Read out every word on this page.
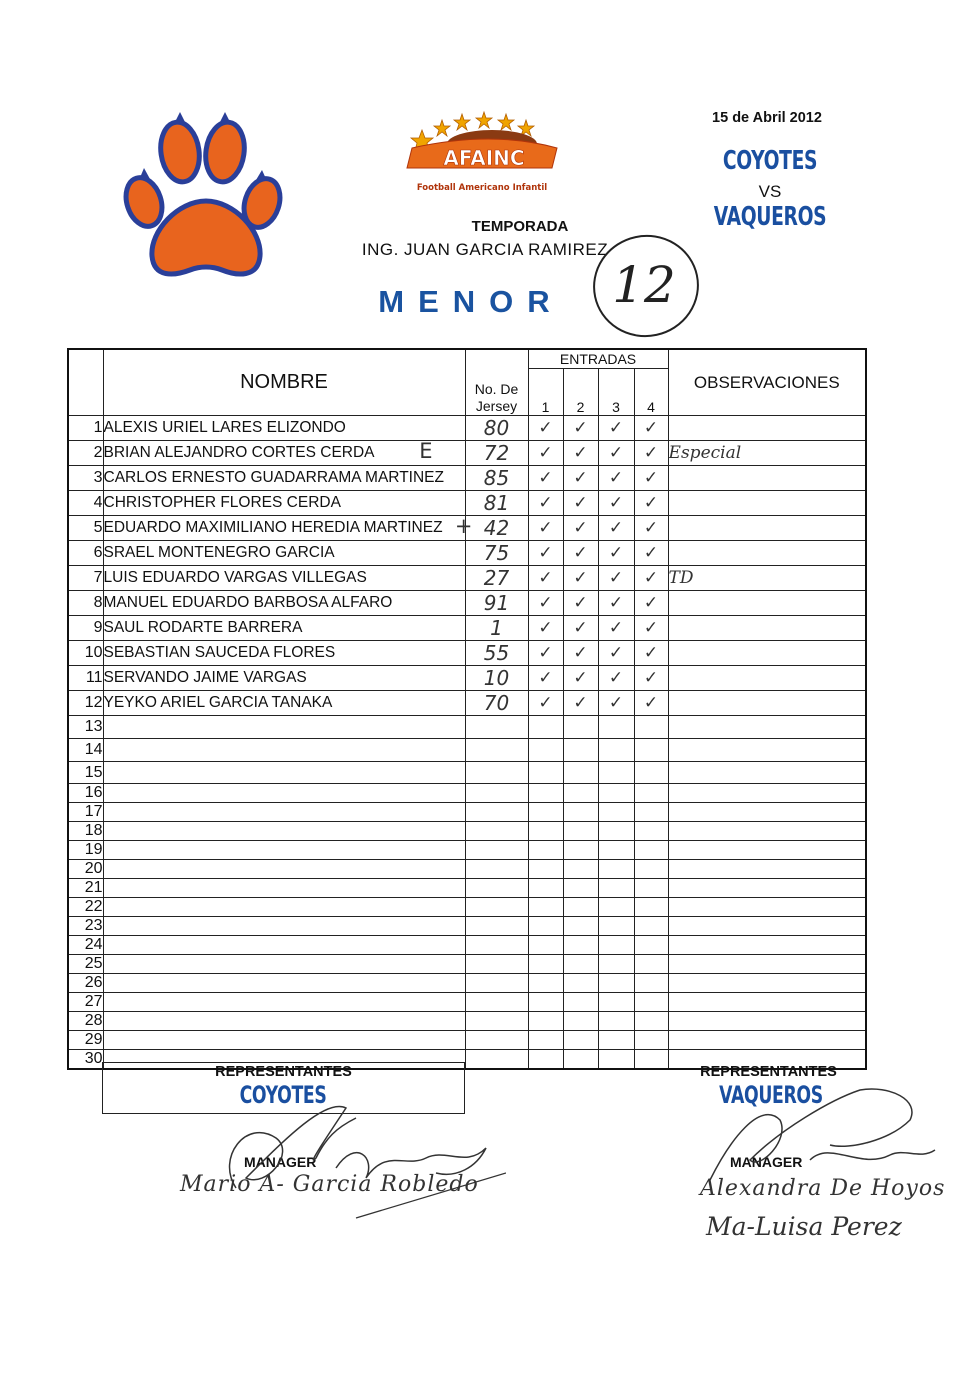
AFAINC
Football Americano Infantil
TEMPORADA
ING. JUAN GARCIA RAMIREZ
MENOR 12
15 de Abril 2012
COYOTES
VS
VAQUEROS
	NOMBRE	No. De Jersey	ENTRADAS				OBSERVACIONES
			1	2	3	4	
1	ALEXIS URIEL LARES ELIZONDO	80	✓	✓	✓	✓	
2	BRIAN ALEJANDRO CORTES CERDA E	72	✓	✓	✓	✓	Especial
3	CARLOS ERNESTO GUADARRAMA MARTINEZ	85	✓	✓	✓	✓	
4	CHRISTOPHER FLORES CERDA	81	✓	✓	✓	✓	
5	EDUARDO MAXIMILIANO HEREDIA MARTINEZ +	42	✓	✓	✓	✓	
6	SRAEL MONTENEGRO GARCIA	75	✓	✓	✓	✓	
7	LUIS EDUARDO VARGAS VILLEGAS	27	✓	✓	✓	✓	TD
8	MANUEL EDUARDO BARBOSA ALFARO	91	✓	✓	✓	✓	
9	SAUL RODARTE BARRERA	1	✓	✓	✓	✓	
10	SEBASTIAN SAUCEDA FLORES	55	✓	✓	✓	✓	
11	SERVANDO JAIME VARGAS	10	✓	✓	✓	✓	
12	YEYKO ARIEL GARCIA TANAKA	70	✓	✓	✓	✓	
13							
14							
15							
16							
17							
18							
19							
20							
21							
22							
23							
24							
25							
26							
27							
28							
29							
30							
REPRESENTANTES
COYOTES
MANAGER
Mario A- Garcia Robledo
REPRESENTANTES
VAQUEROS
MANAGER
Alexandra De Hoyos
Ma-Luisa Perez
